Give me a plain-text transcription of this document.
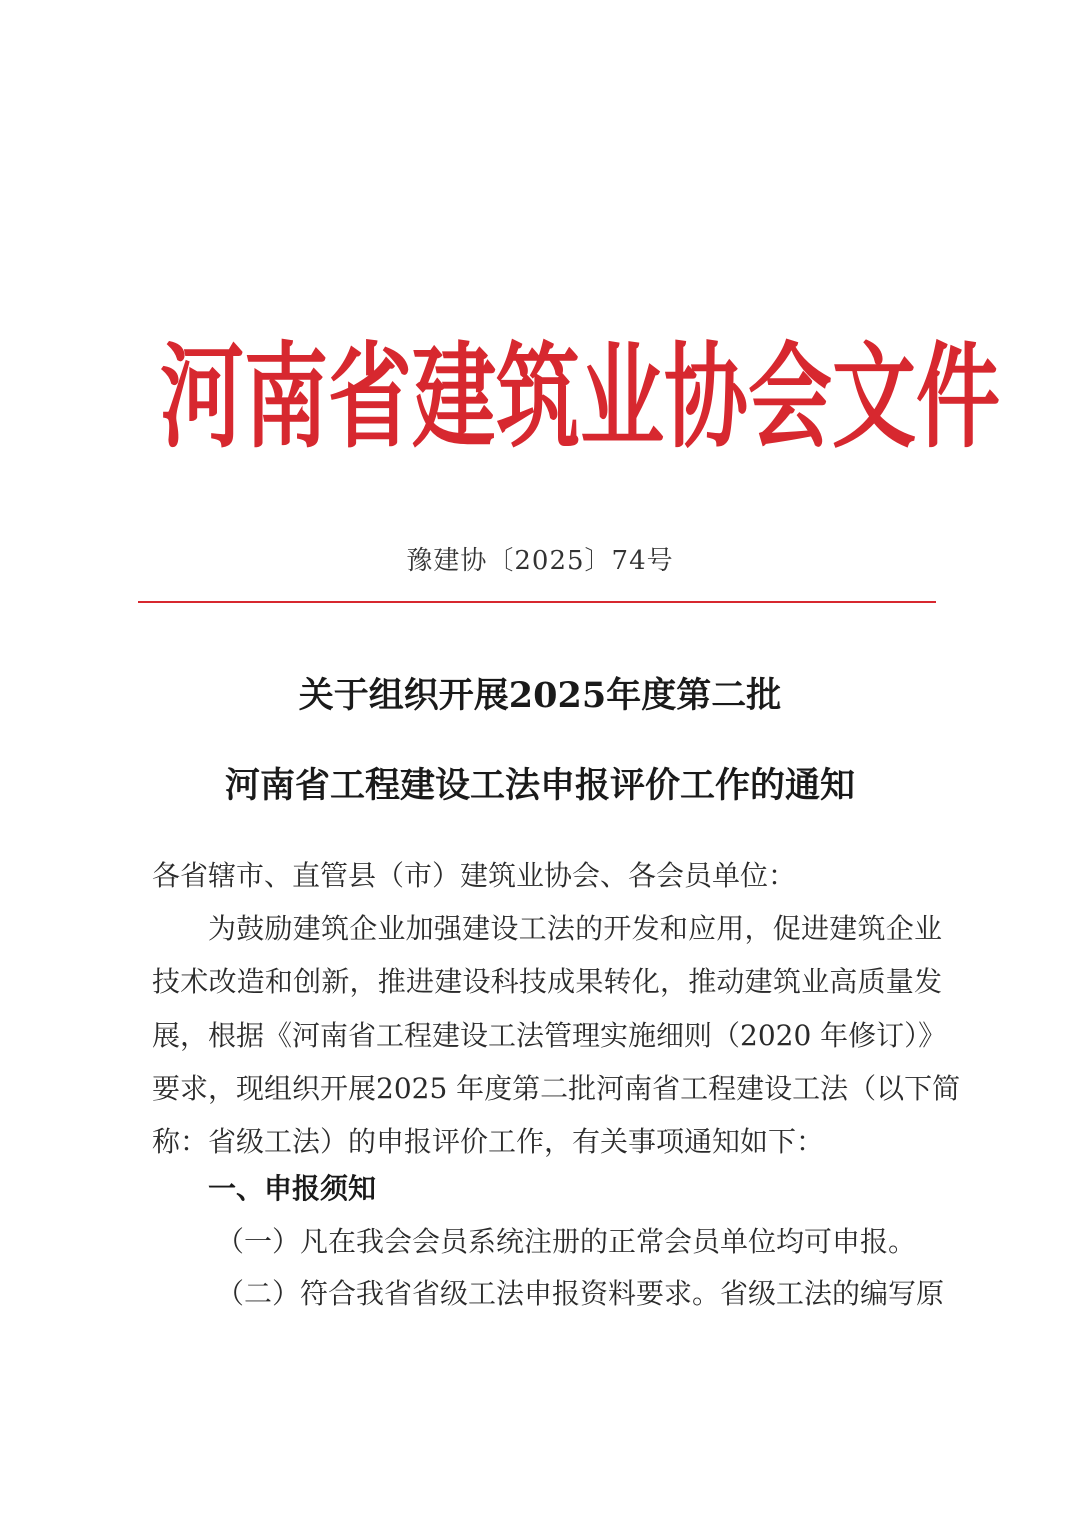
河南省建筑业协会文件
豫建协〔2025〕74号
关于组织开展2025年度第二批
河南省工程建设工法申报评价工作的通知
各省辖市、直管县（市）建筑业协会、各会员单位：
为鼓励建筑企业加强建设工法的开发和应用，促进建筑企业
技术改造和创新，推进建设科技成果转化，推动建筑业高质量发
展，根据《河南省工程建设工法管理实施细则（2020 年修订）》
要求，现组织开展2025 年度第二批河南省工程建设工法（以下简
称：省级工法）的申报评价工作，有关事项通知如下：
一、申报须知
（一）凡在我会会员系统注册的正常会员单位均可申报。
（二）符合我省省级工法申报资料要求。省级工法的编写原
